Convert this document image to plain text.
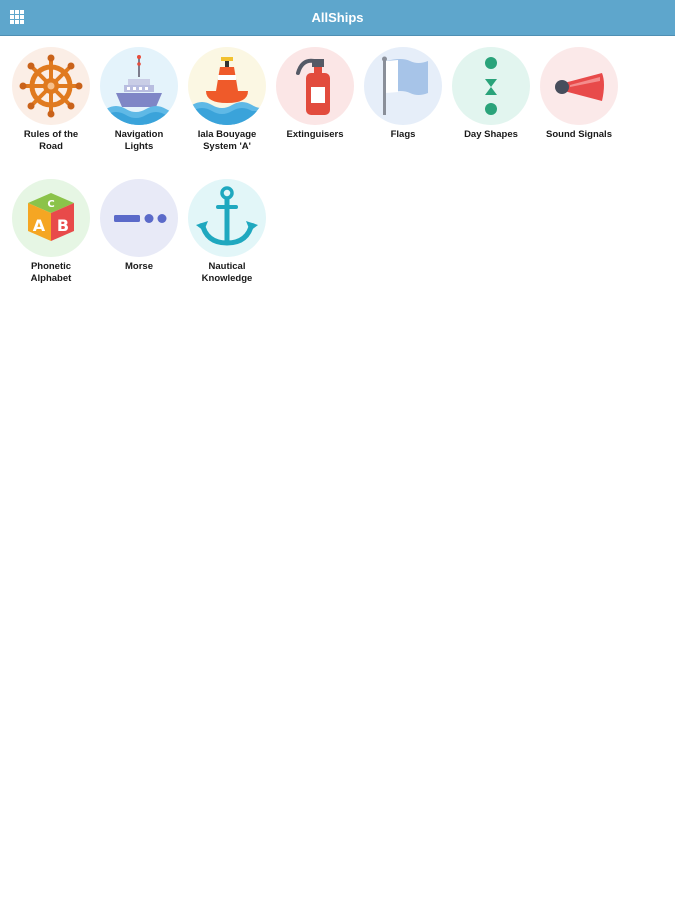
AllShips
Rules of the
Road
Navigation
Lights
Iala Bouyage
System 'A'
Extinguisers	Flags	Day Shapes	Sound Signals
C
A B
Phonetic
Alphabet
Morse	Nautical
Knowledge
